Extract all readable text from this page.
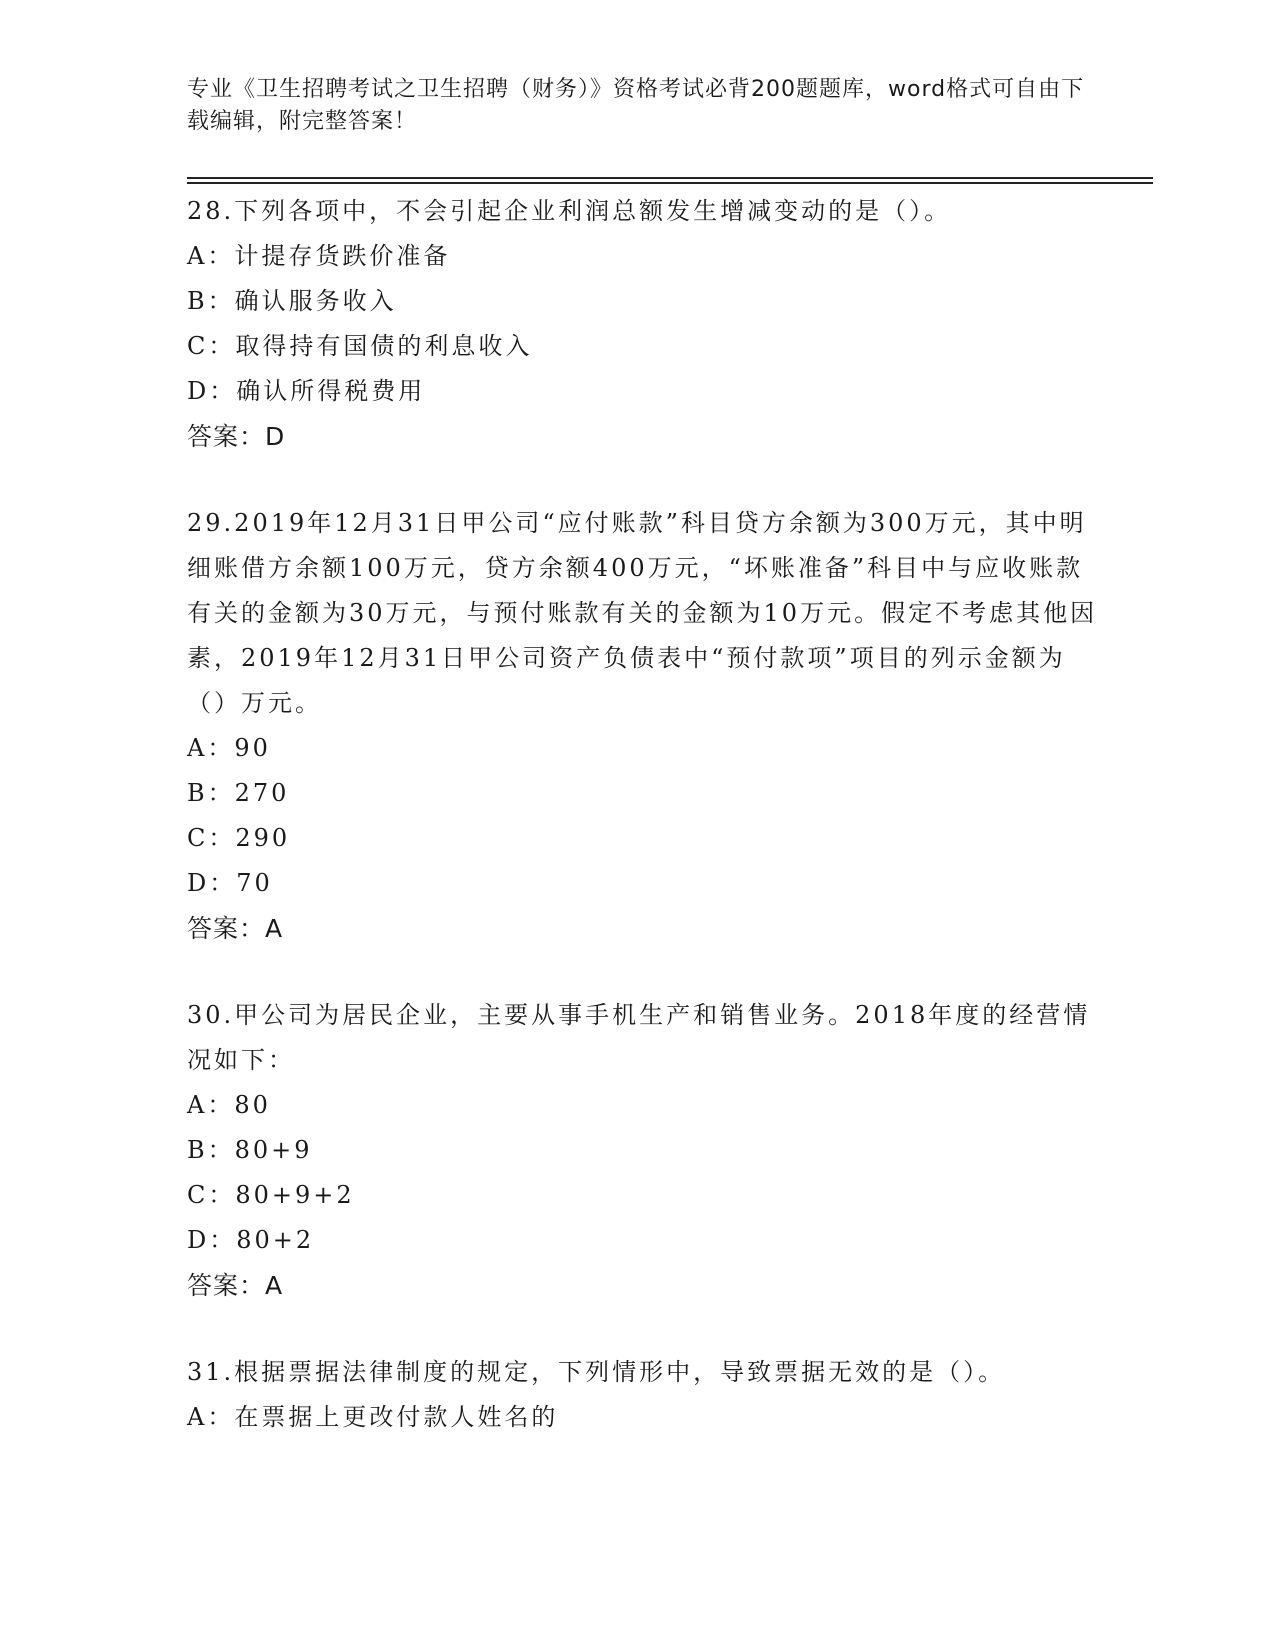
专业《卫生招聘考试之卫生招聘（财务）》资格考试必背200题题库，word格式可自由下载编辑，附完整答案！
28.下列各项中，不会引起企业利润总额发生增减变动的是（）。
A：计提存货跌价准备
B：确认服务收入
C：取得持有国债的利息收入
D：确认所得税费用
答案：D
29.2019年12月31日甲公司“应付账款”科目贷方余额为300万元，其中明细账借方余额100万元，贷方余额400万元，“坏账准备”科目中与应收账款有关的金额为30万元，与预付账款有关的金额为10万元。假定不考虑其他因素，2019年12月31日甲公司资产负债表中“预付款项”项目的列示金额为（）万元。
A：90
B：270
C：290
D：70
答案：A
30.甲公司为居民企业，主要从事手机生产和销售业务。2018年度的经营情况如下：
A：80
B：80+9
C：80+9+2
D：80+2
答案：A
31.根据票据法律制度的规定，下列情形中，导致票据无效的是（）。
A：在票据上更改付款人姓名的
